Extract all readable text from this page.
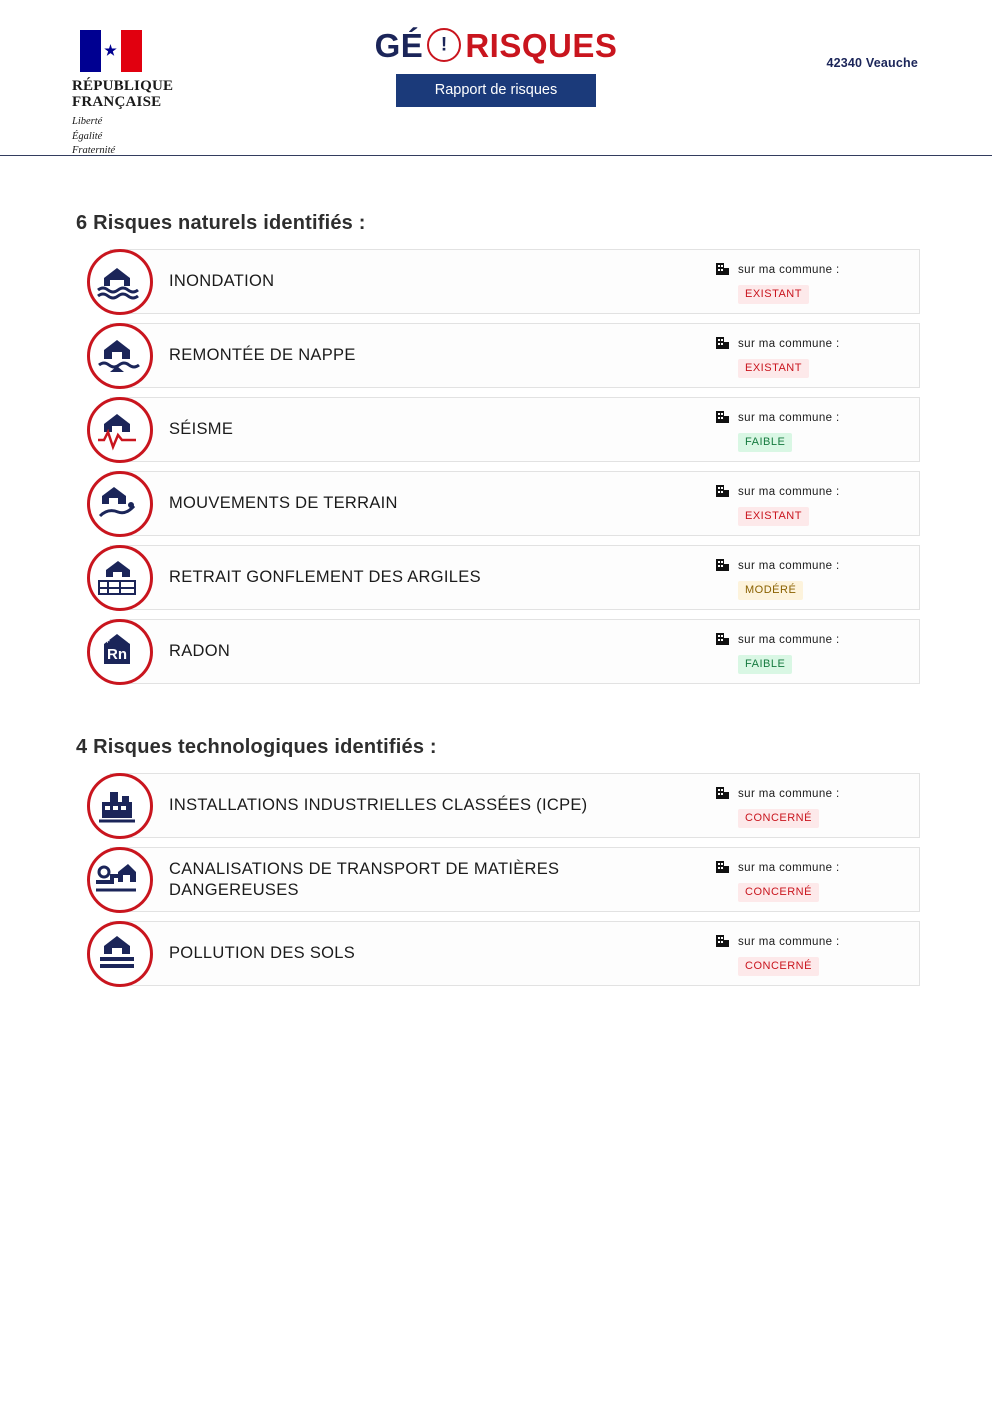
RÉPUBLIQUE
FRANÇAISE
Liberté
Égalité
Fraternité
GÉ ! RISQUES
Rapport de risques
42340 Veauche
6 Risques naturels identifiés :
INONDATION
sur ma commune :
EXISTANT
REMONTÉE DE NAPPE
sur ma commune :
EXISTANT
SÉISME
sur ma commune :
FAIBLE
MOUVEMENTS DE TERRAIN
sur ma commune :
EXISTANT
RETRAIT GONFLEMENT DES ARGILES
sur ma commune :
MODÉRÉ
Rn
+ +
RADON
sur ma commune :
FAIBLE
4 Risques technologiques identifiés :
INSTALLATIONS INDUSTRIELLES CLASSÉES (ICPE)
sur ma commune :
CONCERNÉ
CANALISATIONS DE TRANSPORT DE MATIÈRES DANGEREUSES
sur ma commune :
CONCERNÉ
POLLUTION DES SOLS
sur ma commune :
CONCERNÉ
